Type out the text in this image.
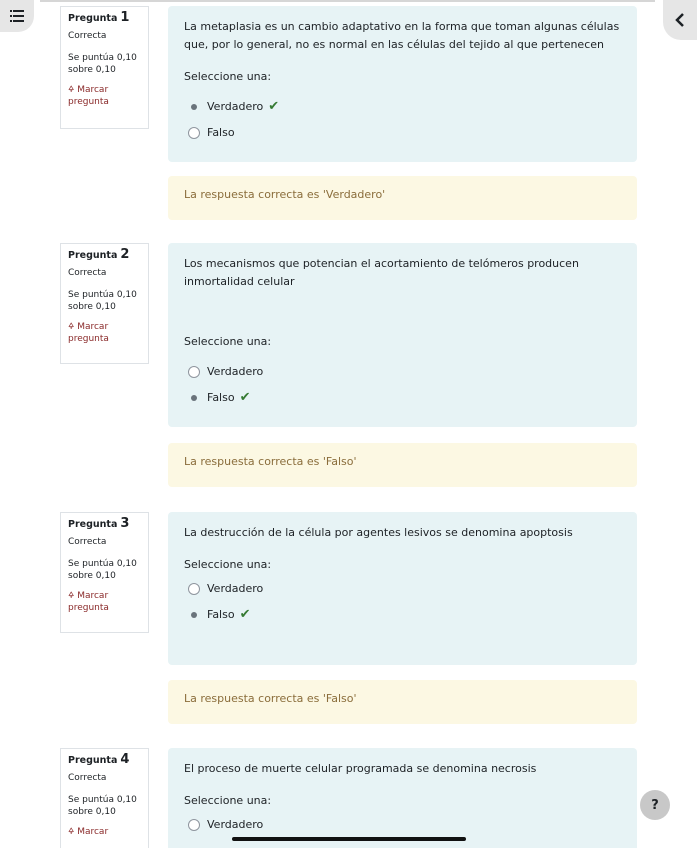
Pregunta 1
Correcta
Se puntúa 0,10
sobre 0,10
🜍︎ Marcar pregunta
La metaplasia es un cambio adaptativo en la forma que toman algunas células que, por lo general, no es normal en las células del tejido al que pertenecen
Seleccione una:
Verdadero ✔
Falso
La respuesta correcta es 'Verdadero'
Pregunta 2
Correcta
Se puntúa 0,10
sobre 0,10
🜍︎ Marcar pregunta
Los mecanismos que potencian el acortamiento de telómeros producen inmortalidad celular
Seleccione una:
Verdadero
Falso ✔
La respuesta correcta es 'Falso'
Pregunta 3
Correcta
Se puntúa 0,10
sobre 0,10
🜍︎ Marcar pregunta
La destrucción de la célula por agentes lesivos se denomina apoptosis
Seleccione una:
Verdadero
Falso ✔
La respuesta correcta es 'Falso'
Pregunta 4
Correcta
Se puntúa 0,10
sobre 0,10
🜍︎ Marcar
El proceso de muerte celular programada se denomina necrosis
Seleccione una:
Verdadero
?
